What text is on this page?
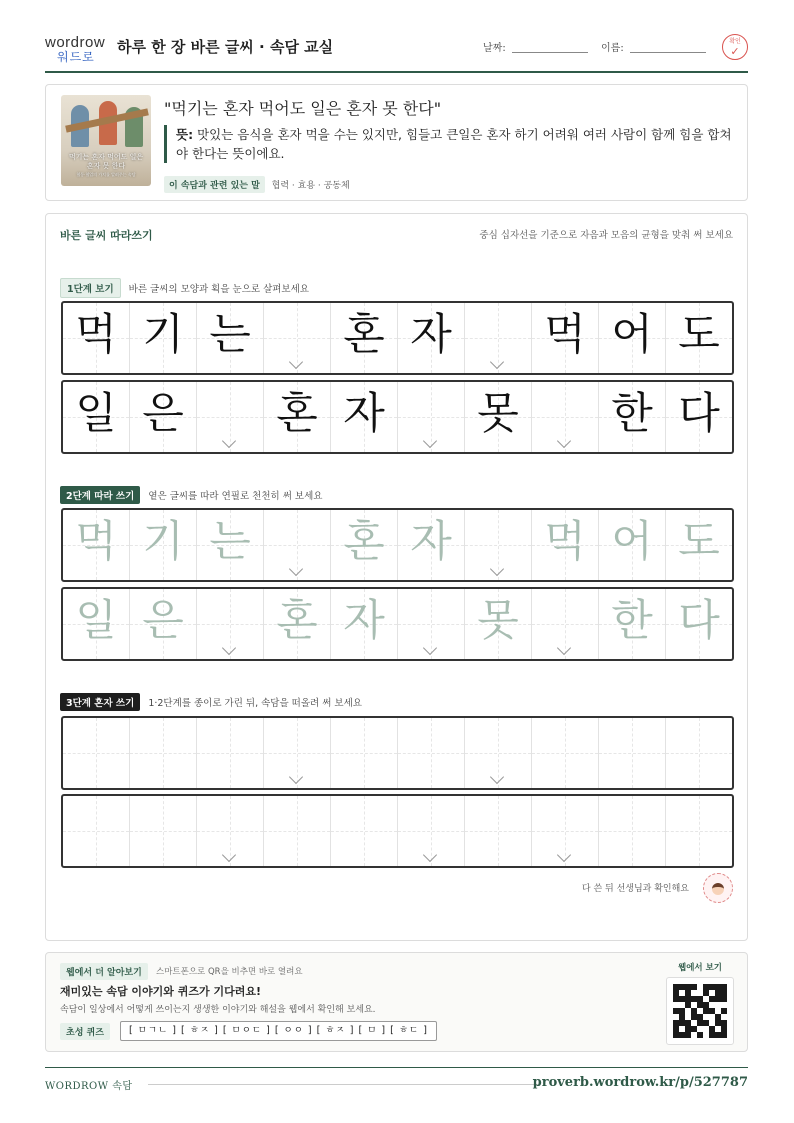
wordrow
워드로
하루 한 장 바른 글씨 · 속담 교실	날짜:	이름:
확인
✓
먹기는 혼자 먹어도 일은 혼자 못 한다
협동·협업의 가치를 알려주는 속담
"먹기는 혼자 먹어도 일은 혼자 못 한다"
뜻: 맛있는 음식을 혼자 먹을 수는 있지만, 힘들고 큰일은 혼자 하기 어려워 여러 사람이 함께 힘을 합쳐야 한다는 뜻이에요.
이 속담과 관련 있는 말 협력 · 효용 · 공동체
바른 글씨 따라쓰기	중심 십자선을 기준으로 자음과 모음의 균형을 맞춰 써 보세요
1단계 보기 바른 글씨의 모양과 획을 눈으로 살펴보세요
먹 기 는 혼 자 먹 어 도
일 은 혼 자 못 한 다
2단계 따라 쓰기 옅은 글씨를 따라 연필로 천천히 써 보세요
먹 기 는 혼 자 먹 어 도
일 은 혼 자 못 한 다
3단계 혼자 쓰기 1·2단계를 종이로 가린 뒤, 속담을 떠올려 써 보세요
다 쓴 뒤 선생님과 확인해요
웹에서 더 알아보기	스마트폰으로 QR을 비추면 바로 열려요
재미있는 속담 이야기와 퀴즈가 기다려요!
속담이 일상에서 어떻게 쓰이는지 생생한 이야기와 해설을 웹에서 확인해 보세요.
초성 퀴즈	[ ㅁㄱㄴ ] [ ㅎㅈ ] [ ㅁㅇㄷ ] [ ㅇㅇ ] [ ㅎㅈ ] [ ㅁ ] [ ㅎㄷ ]
웹에서 보기
WORDROW 속담	proverb.wordrow.kr/p/527787
